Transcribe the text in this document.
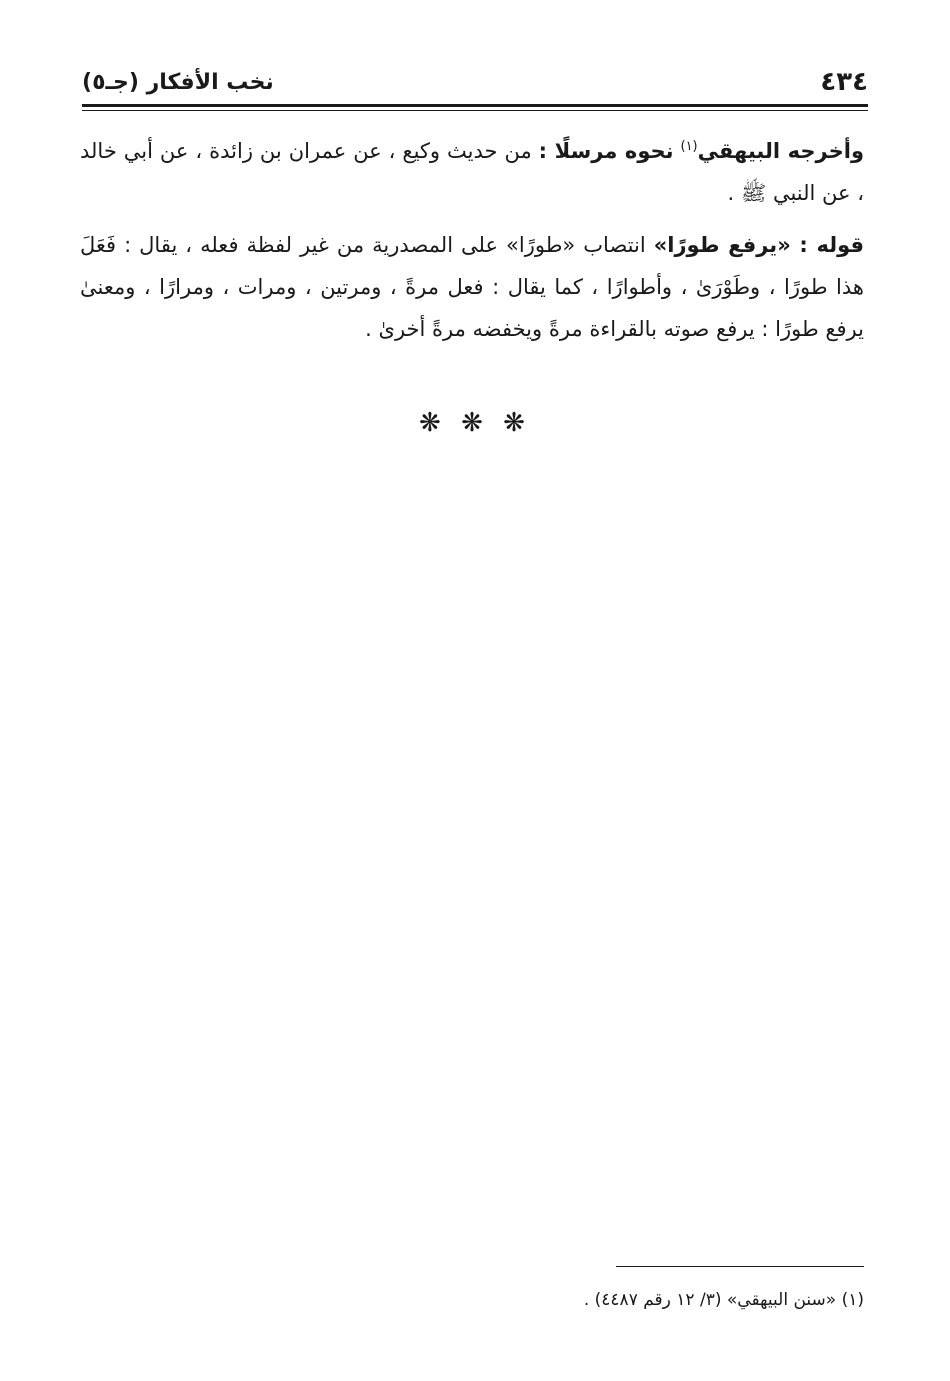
٤٣٤
نخب الأفكار (جـ٥)

وأخرجه البيهقي$^{(١)}$ نحوه مرسلًا : من حديث وكيع ، عن عمران بن زائدة ، عن أبي خالد ، عن النبي ﷺ .

قوله : «يرفع طورًا» انتصاب «طورًا» على المصدرية من غير لفظة فعله ، يقال : فَعَلَ هذا طورًا ، وطَوْرَىٰ ، وأطوارًا ، كما يقال : فعل مرةً ، ومرتين ، ومرات ، ومرارًا ، ومعنىٰ يرفع طورًا : يرفع صوته بالقراءة مرةً ويخفضه مرةً أخرىٰ .

❋ ❋ ❋
(١) «سنن البيهقي» (٣/ ١٢ رقم ٤٤٨٧) .
